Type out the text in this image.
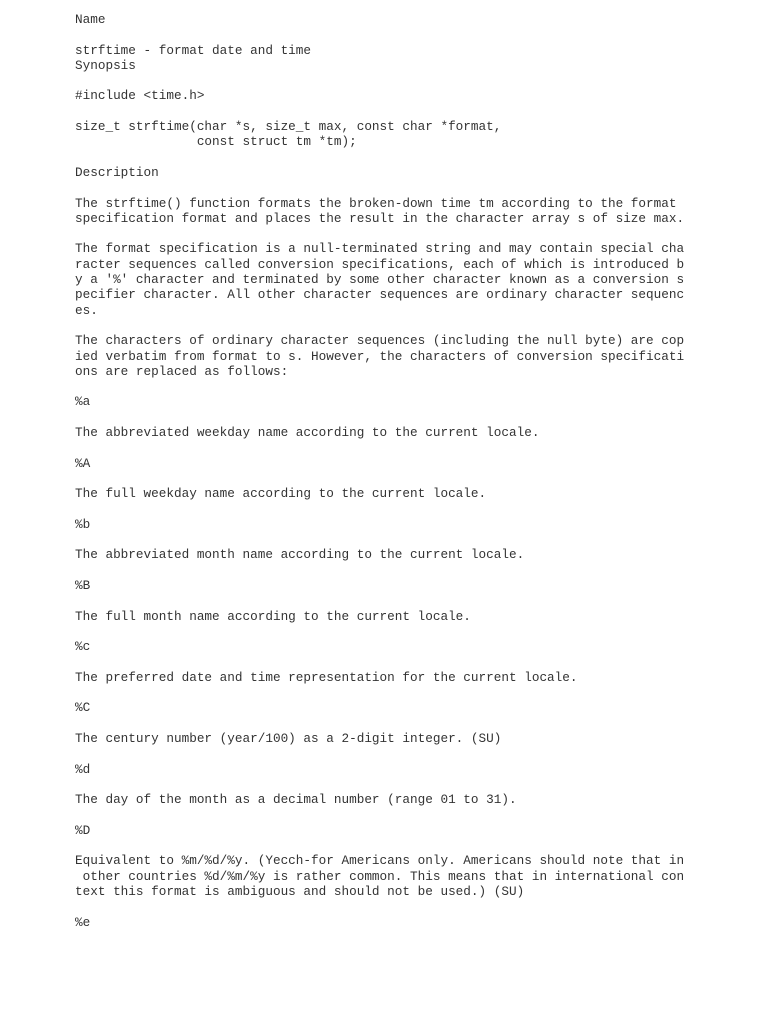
Name
strftime - format date and time
Synopsis
#include <time.h>
size_t strftime(char *s, size_t max, const char *format,
const struct tm *tm);
Description
The strftime() function formats the broken-down time tm according to the format
specification format and places the result in the character array s of size max.
The format specification is a null-terminated string and may contain special cha
racter sequences called conversion specifications, each of which is introduced b
y a '%' character and terminated by some other character known as a conversion s
pecifier character. All other character sequences are ordinary character sequenc
es.
The characters of ordinary character sequences (including the null byte) are cop
ied verbatim from format to s. However, the characters of conversion specificati
ons are replaced as follows:
%a
The abbreviated weekday name according to the current locale.
%A
The full weekday name according to the current locale.
%b
The abbreviated month name according to the current locale.
%B
The full month name according to the current locale.
%c
The preferred date and time representation for the current locale.
%C
The century number (year/100) as a 2-digit integer. (SU)
%d
The day of the month as a decimal number (range 01 to 31).
%D
Equivalent to %m/%d/%y. (Yecch-for Americans only. Americans should note that in
other countries %d/%m/%y is rather common. This means that in international con
text this format is ambiguous and should not be used.) (SU)
%e
